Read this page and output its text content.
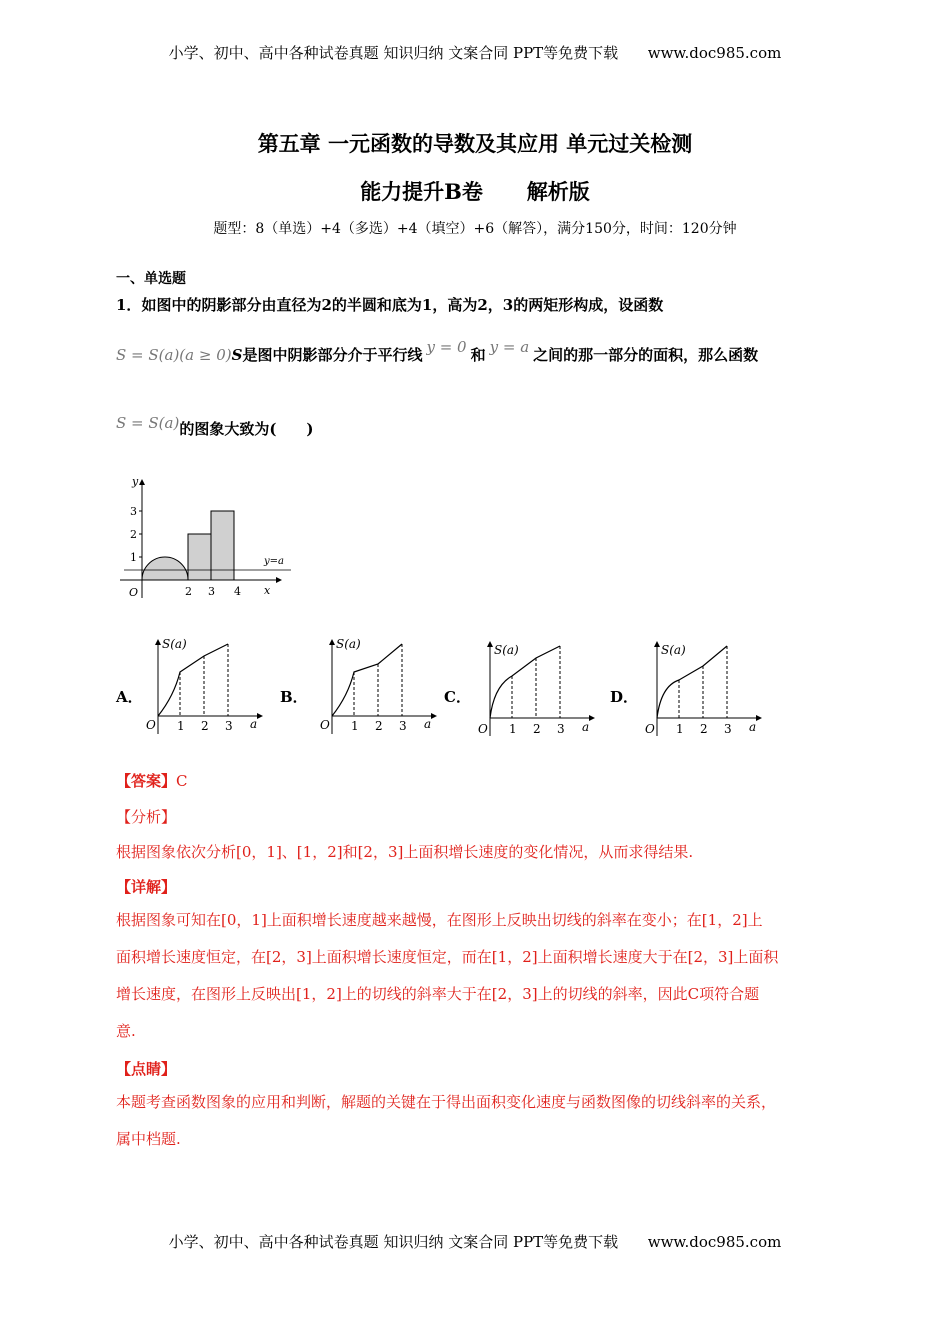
小学、初中、高中各种试卷真题 知识归纳 文案合同 PPT等免费下载 www.doc985.com
第五章 一元函数的导数及其应用 单元过关检测
能力提升B卷      解析版
题型：8（单选）+4（多选）+4（填空）+6（解答），满分150分，时间：120分钟
一、单选题
1．如图中的阴影部分由直径为2的半圆和底为1，高为2，3的两矩形构成，设函数
S = S(a)(a ≥ 0)S是图中阴影部分介于平行线 y = 0 和 y = a 之间的那一部分的面积，那么函数
S = S(a)的图象大致为(　　)
y
1
2
3
O	2 3 4 x
y=a
A．
S(a)
O 1 2 3 a
B．
S(a)
O 1 2 3 a
C．
S(a)
O 1 2 3 a
D．
S(a)
O 1 2 3 a
【答案】C
【分析】
根据图象依次分析[0，1]、[1，2]和[2，3]上面积增长速度的变化情况，从而求得结果.
【详解】
根据图象可知在[0，1]上面积增长速度越来越慢，在图形上反映出切线的斜率在变小；在[1，2]上
面积增长速度恒定，在[2，3]上面积增长速度恒定，而在[1，2]上面积增长速度大于在[2，3]上面积
增长速度，在图形上反映出[1，2]上的切线的斜率大于在[2，3]上的切线的斜率，因此C项符合题
意.
【点睛】
本题考查函数图象的应用和判断，解题的关键在于得出面积变化速度与函数图像的切线斜率的关系，
属中档题.
小学、初中、高中各种试卷真题 知识归纳 文案合同 PPT等免费下载 www.doc985.com
